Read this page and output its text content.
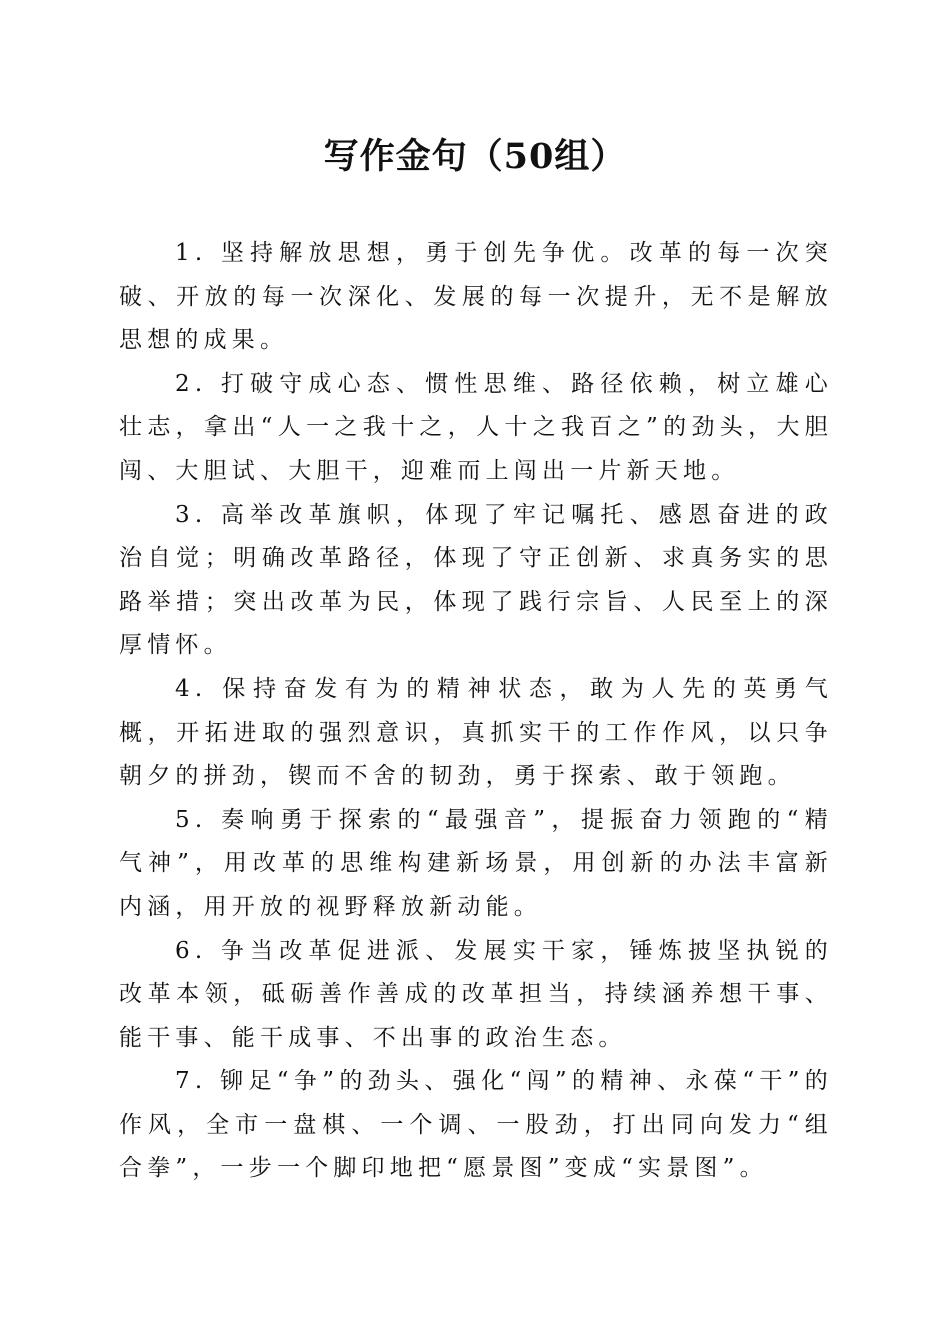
写作金句（50组）

1. 坚持解放思想，勇于创先争优。改革的每一次突破、开放的每一次深化、发展的每一次提升，无不是解放思想的成果。

2. 打破守成心态、惯性思维、路径依赖，树立雄心壮志，拿出“人一之我十之，人十之我百之”的劲头，大胆闯、大胆试、大胆干，迎难而上闯出一片新天地。

3. 高举改革旗帜，体现了牢记嘱托、感恩奋进的政治自觉；明确改革路径，体现了守正创新、求真务实的思路举措；突出改革为民，体现了践行宗旨、人民至上的深厚情怀。

4. 保持奋发有为的精神状态，敢为人先的英勇气概，开拓进取的强烈意识，真抓实干的工作作风，以只争朝夕的拼劲，锲而不舍的韧劲，勇于探索、敢于领跑。

5. 奏响勇于探索的“最强音”，提振奋力领跑的“精气神”，用改革的思维构建新场景，用创新的办法丰富新内涵，用开放的视野释放新动能。

6. 争当改革促进派、发展实干家，锤炼披坚执锐的改革本领，砥砺善作善成的改革担当，持续涵养想干事、能干事、能干成事、不出事的政治生态。

7. 铆足“争”的劲头、强化“闯”的精神、永葆“干”的作风，全市一盘棋、一个调、一股劲，打出同向发力“组合拳”，一步一个脚印地把“愿景图”变成“实景图”。
